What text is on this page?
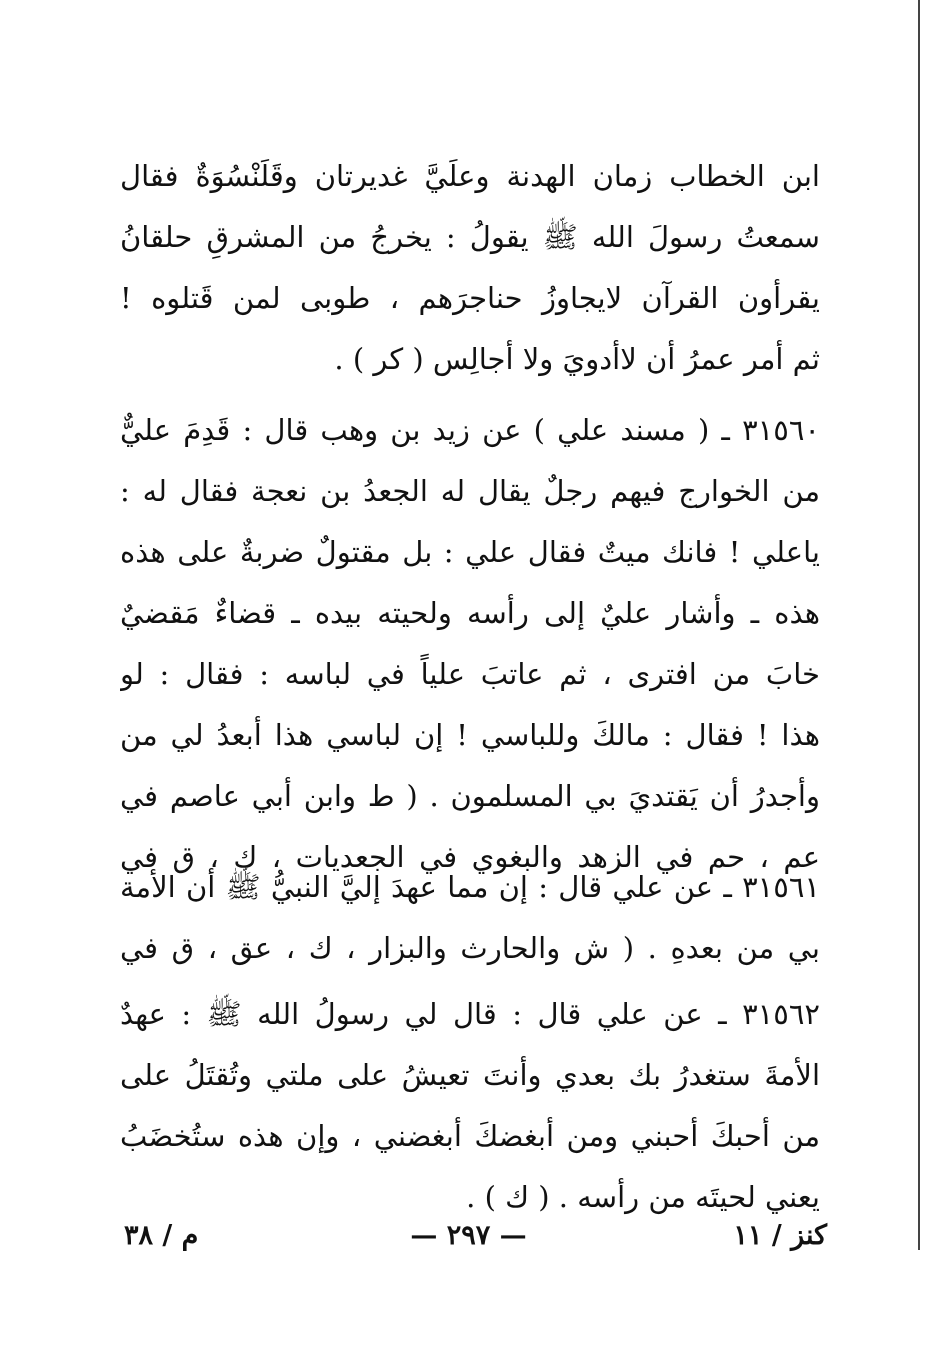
ابن الخطاب زمان الهدنة وعلَيَّ غديرتان وقَلَنْسُوَةٌ فقال
سمعتُ رسولَ الله ﷺ يقولُ : يخرجُ من المشرقِ حلقانُ
يقرأون القرآن لايجاوزُ حناجرَهم ، طوبى لمن قَتلوه !
ثم أمر عمرُ أن لاأدويَ ولا أجالِس ( كر ) .
٣١٥٦٠ ـ ( مسند علي ) عن زيد بن وهب قال : قَدِمَ عليٌّ
من الخوارج فيهم رجلٌ يقال له الجعدُ بن نعجة فقال له :
ياعلي ! فانك ميتٌ فقال علي : بل مقتولٌ ضربةٌ على هذه
هذه ـ وأشار عليٌ إلى رأسه ولحيته بيده ـ قضاءٌ مَقضيٌ
خابَ من افترى ، ثم عاتبَ علياً في لباسه : فقال : لو
هذا ! فقال : مالكَ وللباسي ! إن لباسي هذا أبعدُ لي من
وأجدرُ أن يَقتديَ بي المسلمون . ( ط وابن أبي عاصم في
عم ، حم في الزهد والبغوي في الجعديات ، ك ، ق في
٣١٥٦١ ـ عن علي قال : إن مما عهدَ إليَّ النبيُّ ﷺ أن الأمة
بي من بعدهِ . ( ش والحارث والبزار ، ك ، عق ، ق في
٣١٥٦٢ ـ عن علي قال : قال لي رسولُ الله ﷺ : عهدٌ
الأمةَ ستغدرُ بك بعدي وأنتَ تعيشُ على ملتي وتُقتَلُ على
من أحبكَ أحبني ومن أبغضكَ أبغضني ، وإن هذه ستُخضَبُ
يعني لحيتَه من رأسه . ( ك ) .
كنز / ١١
— ٢٩٧ —
م / ٣٨
